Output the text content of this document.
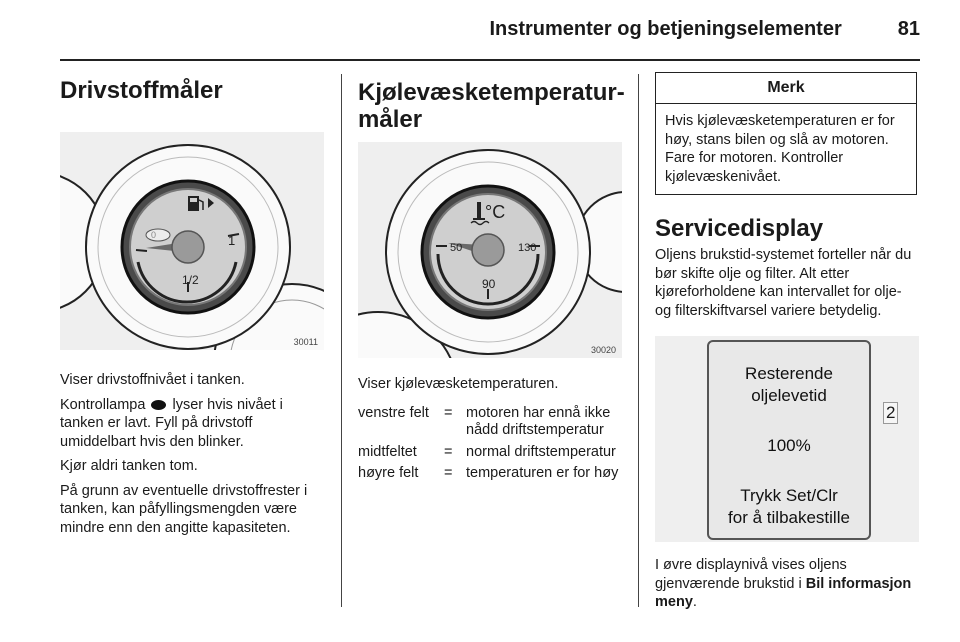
Instrumenter og betjeningselementer	81
Drivstoffmåler
0	1
1/2
30011

Viser drivstoffnivået i tanken.

Kontrollampa lyser hvis nivået i tanken er lavt. Fyll på drivstoff umiddelbart hvis den blinker.

Kjør aldri tanken tom.

På grunn av eventuelle drivstoffrester i tanken, kan påfyllingsmengden være mindre enn den angitte kapasiteten.

Kjølevæsketemperatur-
måler
°C
50	130
90
30020

Viser kjølevæsketemperaturen.

venstre felt	=	motoren har ennå ikke nådd driftstemperatur
midtfeltet	=	normal driftstemperatur
høyre felt	=	temperaturen er for høy
Merk
Hvis kjølevæsketemperaturen er for høy, stans bilen og slå av motoren. Fare for motoren. Kontroller kjølevæskenivået.
Servicedisplay

Oljens brukstid-systemet forteller når du bør skifte olje og filter. Alt etter kjøreforholdene kan intervallet for olje- og filterskiftvarsel variere betydelig.

Resterende
oljelevetid
100%
Trykk Set/Clr
for å tilbakestille
2

I øvre displaynivå vises oljens gjenværende brukstid i Bil informasjon meny.
